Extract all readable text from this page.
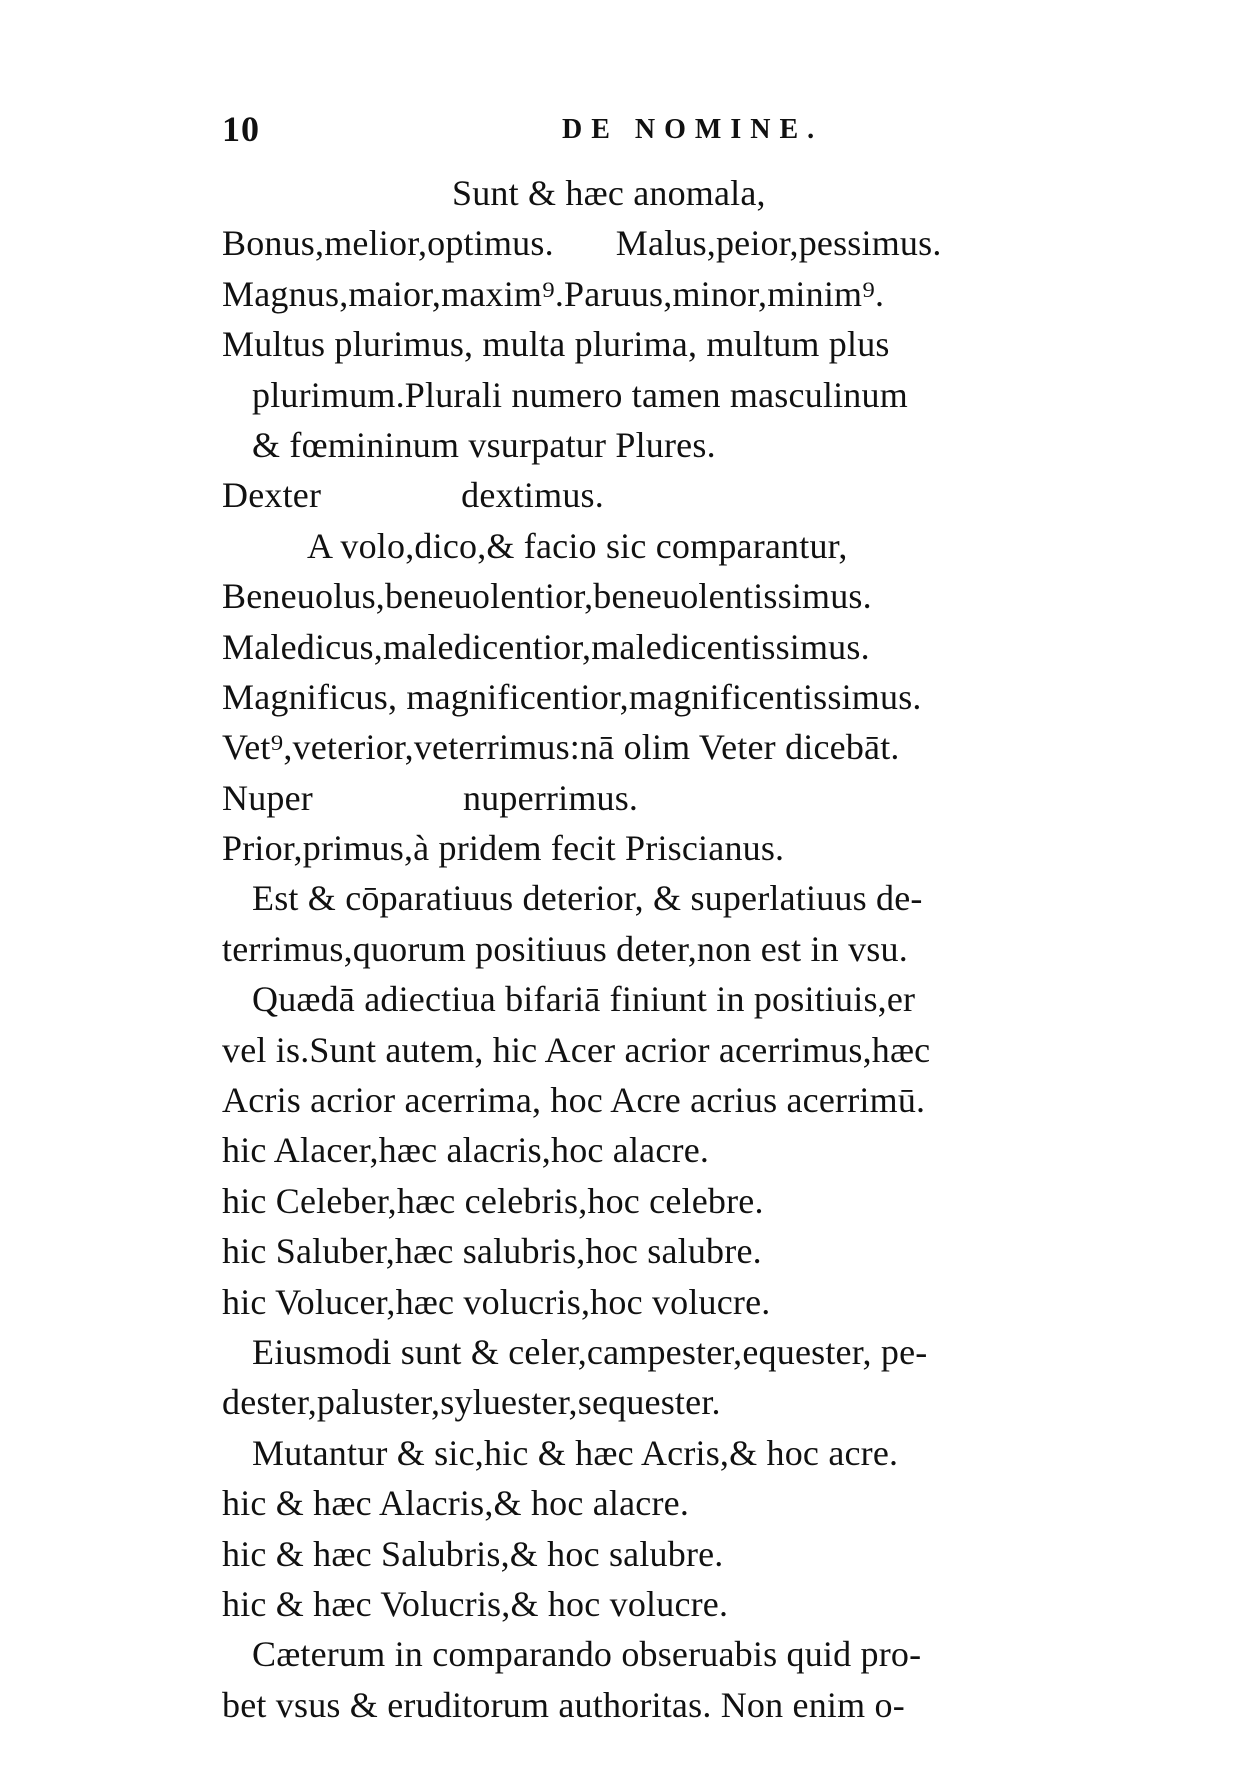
10	DE NOMINE.
Sunt & hæc anomala,
Bonus,melior,optimus. Malus,peior,pessimus.
Magnus,maior,maxim⁹.Paruus,minor,minim⁹.
Multus plurimus, multa plurima, multum plus
plurimum.Plurali numero tamen masculinum
& fœmininum vsurpatur Plures.
Dexter	dextimus.
A volo,dico,& facio sic comparantur,
Beneuolus,beneuolentior,beneuolentissimus.
Maledicus,maledicentior,maledicentissimus.
Magnificus, magnificentior,magnificentissimus.
Vet⁹,veterior,veterrimus:nā olim Veter dicebāt.
Nuper	nuperrimus.
Prior,primus,à pridem fecit Priscianus.
Est & cōparatiuus deterior, & superlatiuus de-
terrimus,quorum positiuus deter,non est in vsu.
Quædā adiectiua bifariā finiunt in positiuis,er
vel is.Sunt autem, hic Acer acrior acerrimus,hæc
Acris acrior acerrima, hoc Acre acrius acerrimū.
hic Alacer,hæc alacris,hoc alacre.
hic Celeber,hæc celebris,hoc celebre.
hic Saluber,hæc salubris,hoc salubre.
hic Volucer,hæc volucris,hoc volucre.
Eiusmodi sunt & celer,campester,equester, pe-
dester,paluster,syluester,sequester.
Mutantur & sic,hic & hæc Acris,& hoc acre.
hic & hæc Alacris,& hoc alacre.
hic & hæc Salubris,& hoc salubre.
hic & hæc Volucris,& hoc volucre.
Cæterum in comparando obseruabis quid pro-
bet vsus & eruditorum authoritas. Non enim o-
